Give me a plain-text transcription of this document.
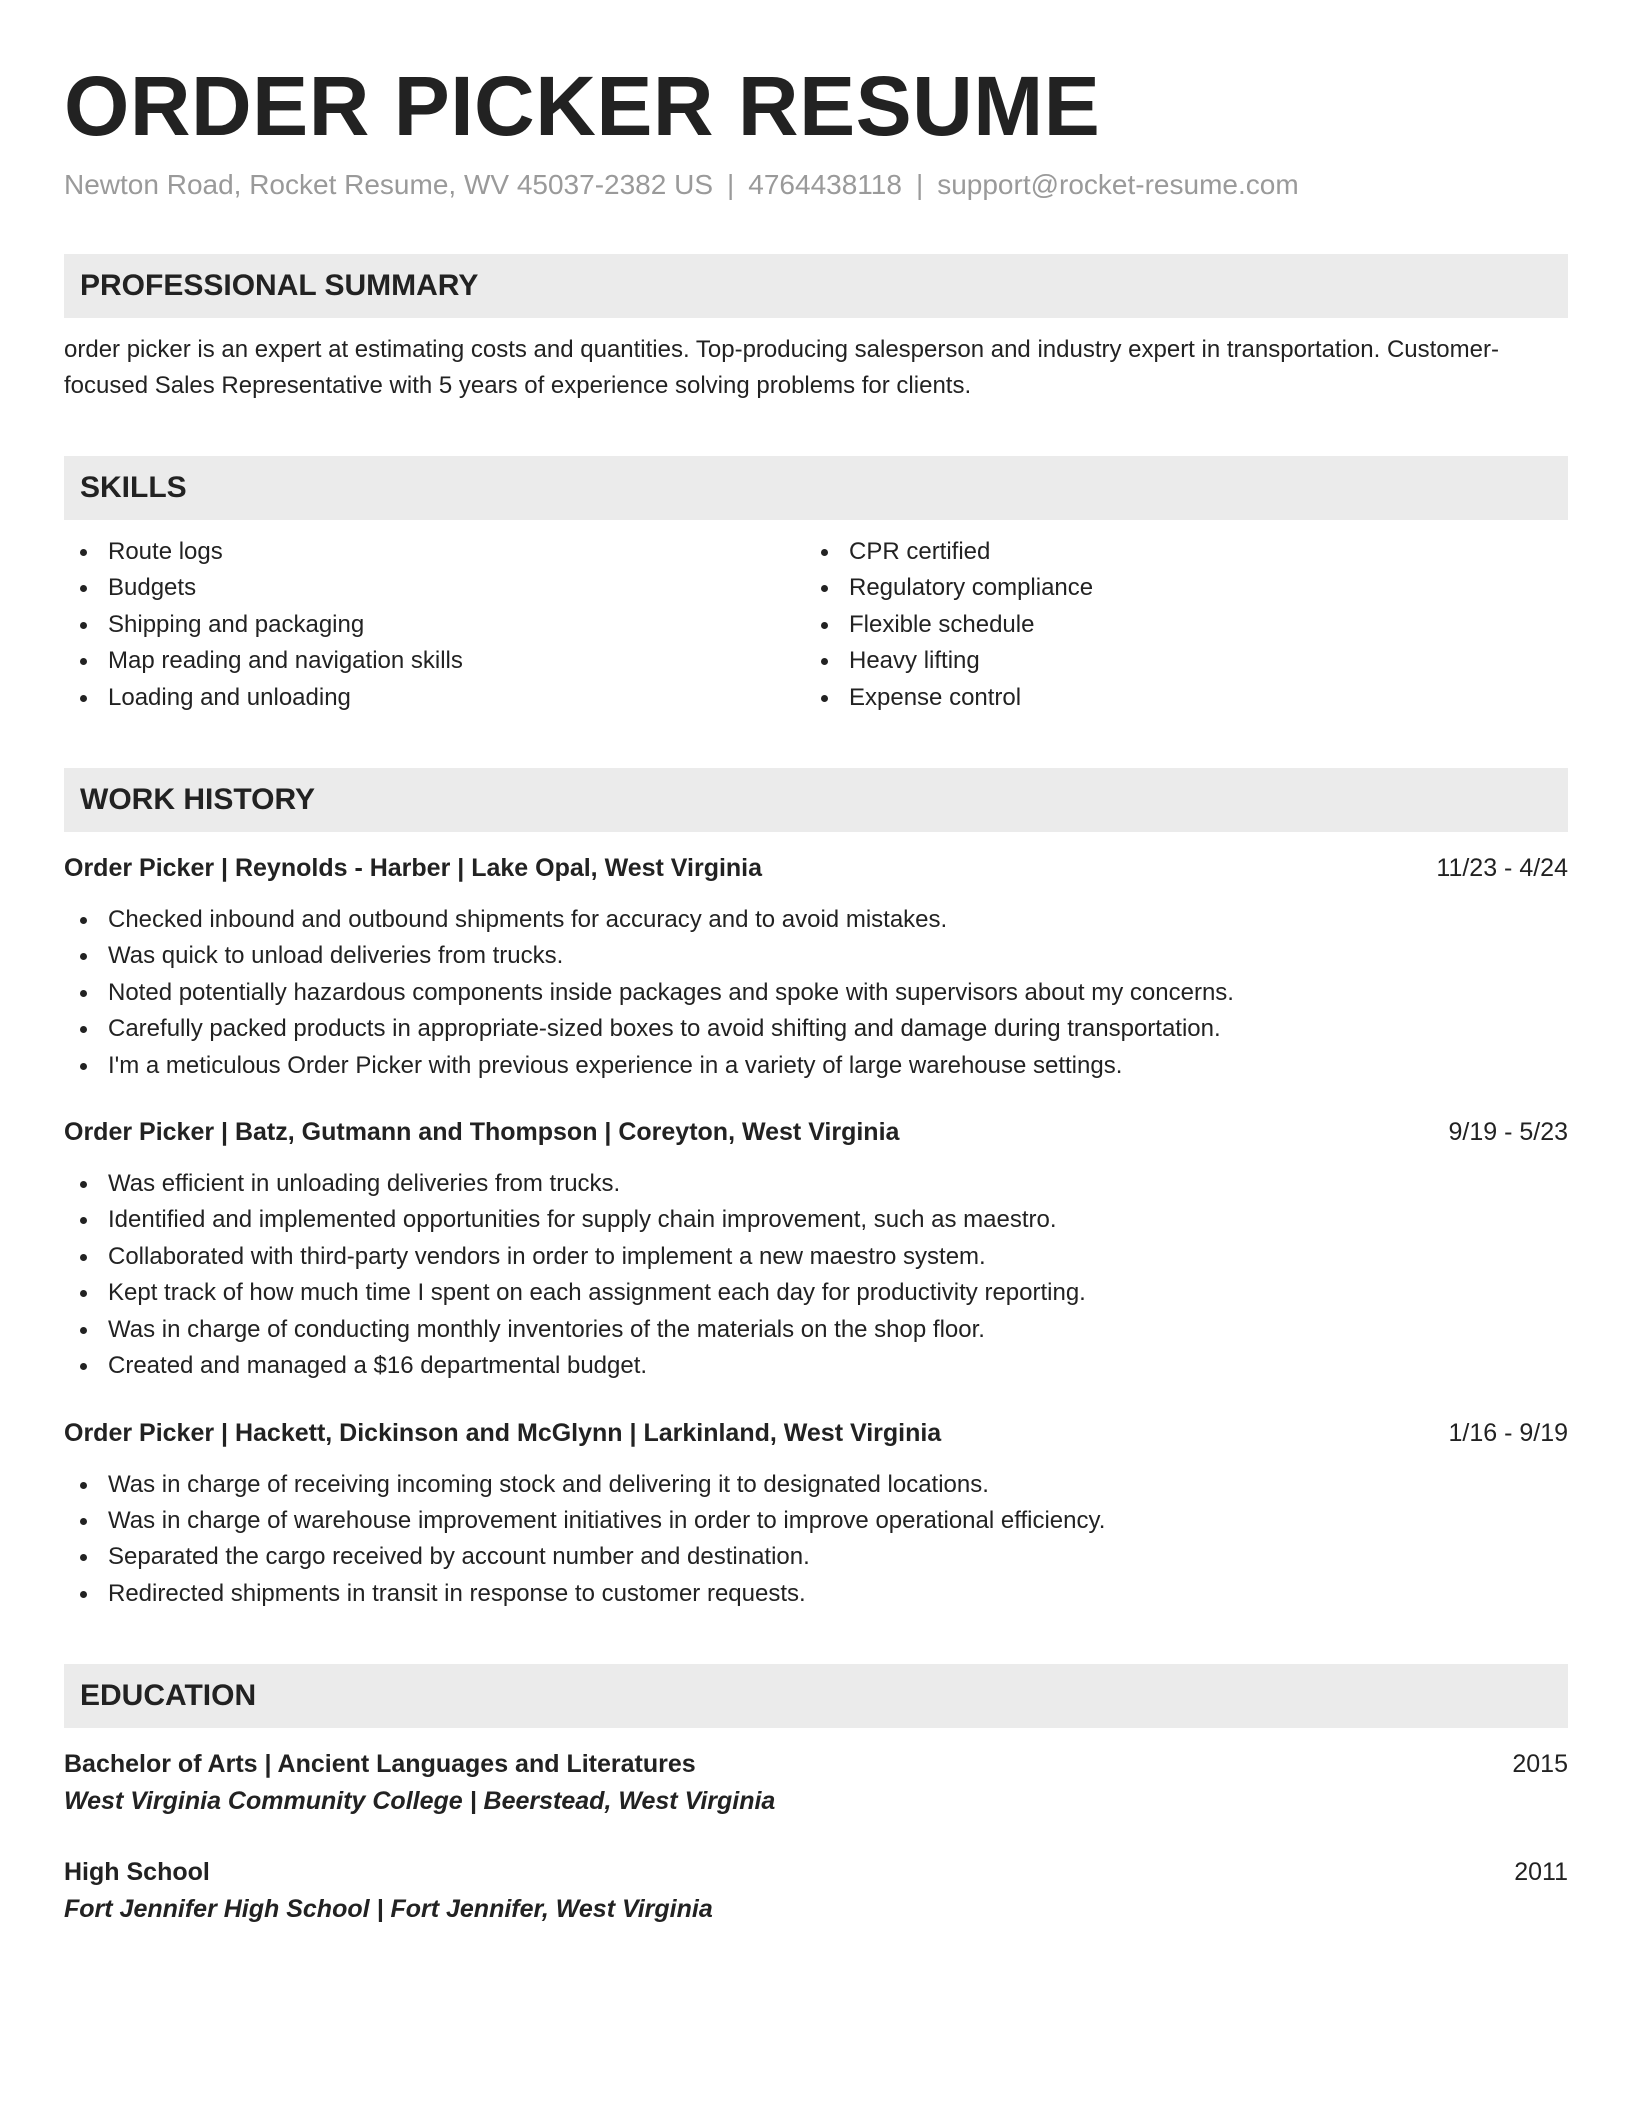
ORDER PICKER RESUME
Newton Road, Rocket Resume, WV 45037-2382 US | 4764438118 | support@rocket-resume.com
PROFESSIONAL SUMMARY

order picker is an expert at estimating costs and quantities. Top-producing salesperson and industry expert in transportation. Customer-focused Sales Representative with 5 years of experience solving problems for clients.

SKILLS
Route logs
Budgets
Shipping and packaging
Map reading and navigation skills
Loading and unloading
CPR certified
Regulatory compliance
Flexible schedule
Heavy lifting
Expense control
WORK HISTORY
Order Picker | Reynolds - Harber | Lake Opal, West Virginia	11/23 - 4/24
Checked inbound and outbound shipments for accuracy and to avoid mistakes.
Was quick to unload deliveries from trucks.
Noted potentially hazardous components inside packages and spoke with supervisors about my concerns.
Carefully packed products in appropriate-sized boxes to avoid shifting and damage during transportation.
I'm a meticulous Order Picker with previous experience in a variety of large warehouse settings.
Order Picker | Batz, Gutmann and Thompson | Coreyton, West Virginia	9/19 - 5/23
Was efficient in unloading deliveries from trucks.
Identified and implemented opportunities for supply chain improvement, such as maestro.
Collaborated with third-party vendors in order to implement a new maestro system.
Kept track of how much time I spent on each assignment each day for productivity reporting.
Was in charge of conducting monthly inventories of the materials on the shop floor.
Created and managed a $16 departmental budget.
Order Picker | Hackett, Dickinson and McGlynn | Larkinland, West Virginia	1/16 - 9/19
Was in charge of receiving incoming stock and delivering it to designated locations.
Was in charge of warehouse improvement initiatives in order to improve operational efficiency.
Separated the cargo received by account number and destination.
Redirected shipments in transit in response to customer requests.
EDUCATION
Bachelor of Arts | Ancient Languages and Literatures	2015
West Virginia Community College | Beerstead, West Virginia
High School	2011
Fort Jennifer High School | Fort Jennifer, West Virginia
